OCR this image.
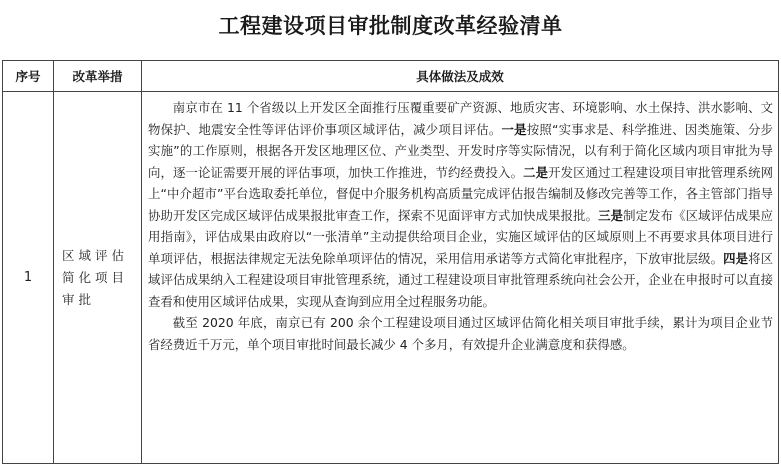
工程建设项目审批制度改革经验清单
序号	改革举措	具体做法及成效
1	区域评估简化项目审批	南京市在 11 个省级以上开发区全面推行压覆重要矿产资源、地质灾害、环境影响、水土保持、洪水影响、文物保护、地震安全性等评估评价事项区域评估，减少项目评估。一是按照“实事求是、科学推进、因类施策、分步实施”的工作原则，根据各开发区地理区位、产业类型、开发时序等实际情况，以有利于简化区域内项目审批为导向，逐一论证需要开展的评估事项，加快工作推进，节约经费投入。二是开发区通过工程建设项目审批管理系统网上“中介超市”平台选取委托单位，督促中介服务机构高质量完成评估报告编制及修改完善等工作，各主管部门指导协助开发区完成区域评估成果报批审查工作，探索不见面评审方式加快成果报批。三是制定发布《区域评估成果应用指南》，评估成果由政府以“一张清单”主动提供给项目企业，实施区域评估的区域原则上不再要求具体项目进行单项评估，根据法律规定无法免除单项评估的情况，采用信用承诺等方式简化审批程序，下放审批层级。四是将区域评估成果纳入工程建设项目审批管理系统，通过工程建设项目审批管理系统向社会公开，企业在申报时可以直接查看和使用区域评估成果，实现从查询到应用全过程服务功能。

截至 2020 年底，南京已有 200 余个工程建设项目通过区域评估简化相关项目审批手续，累计为项目企业节省经费近千万元，单个项目审批时间最长减少 4 个多月，有效提升企业满意度和获得感。
